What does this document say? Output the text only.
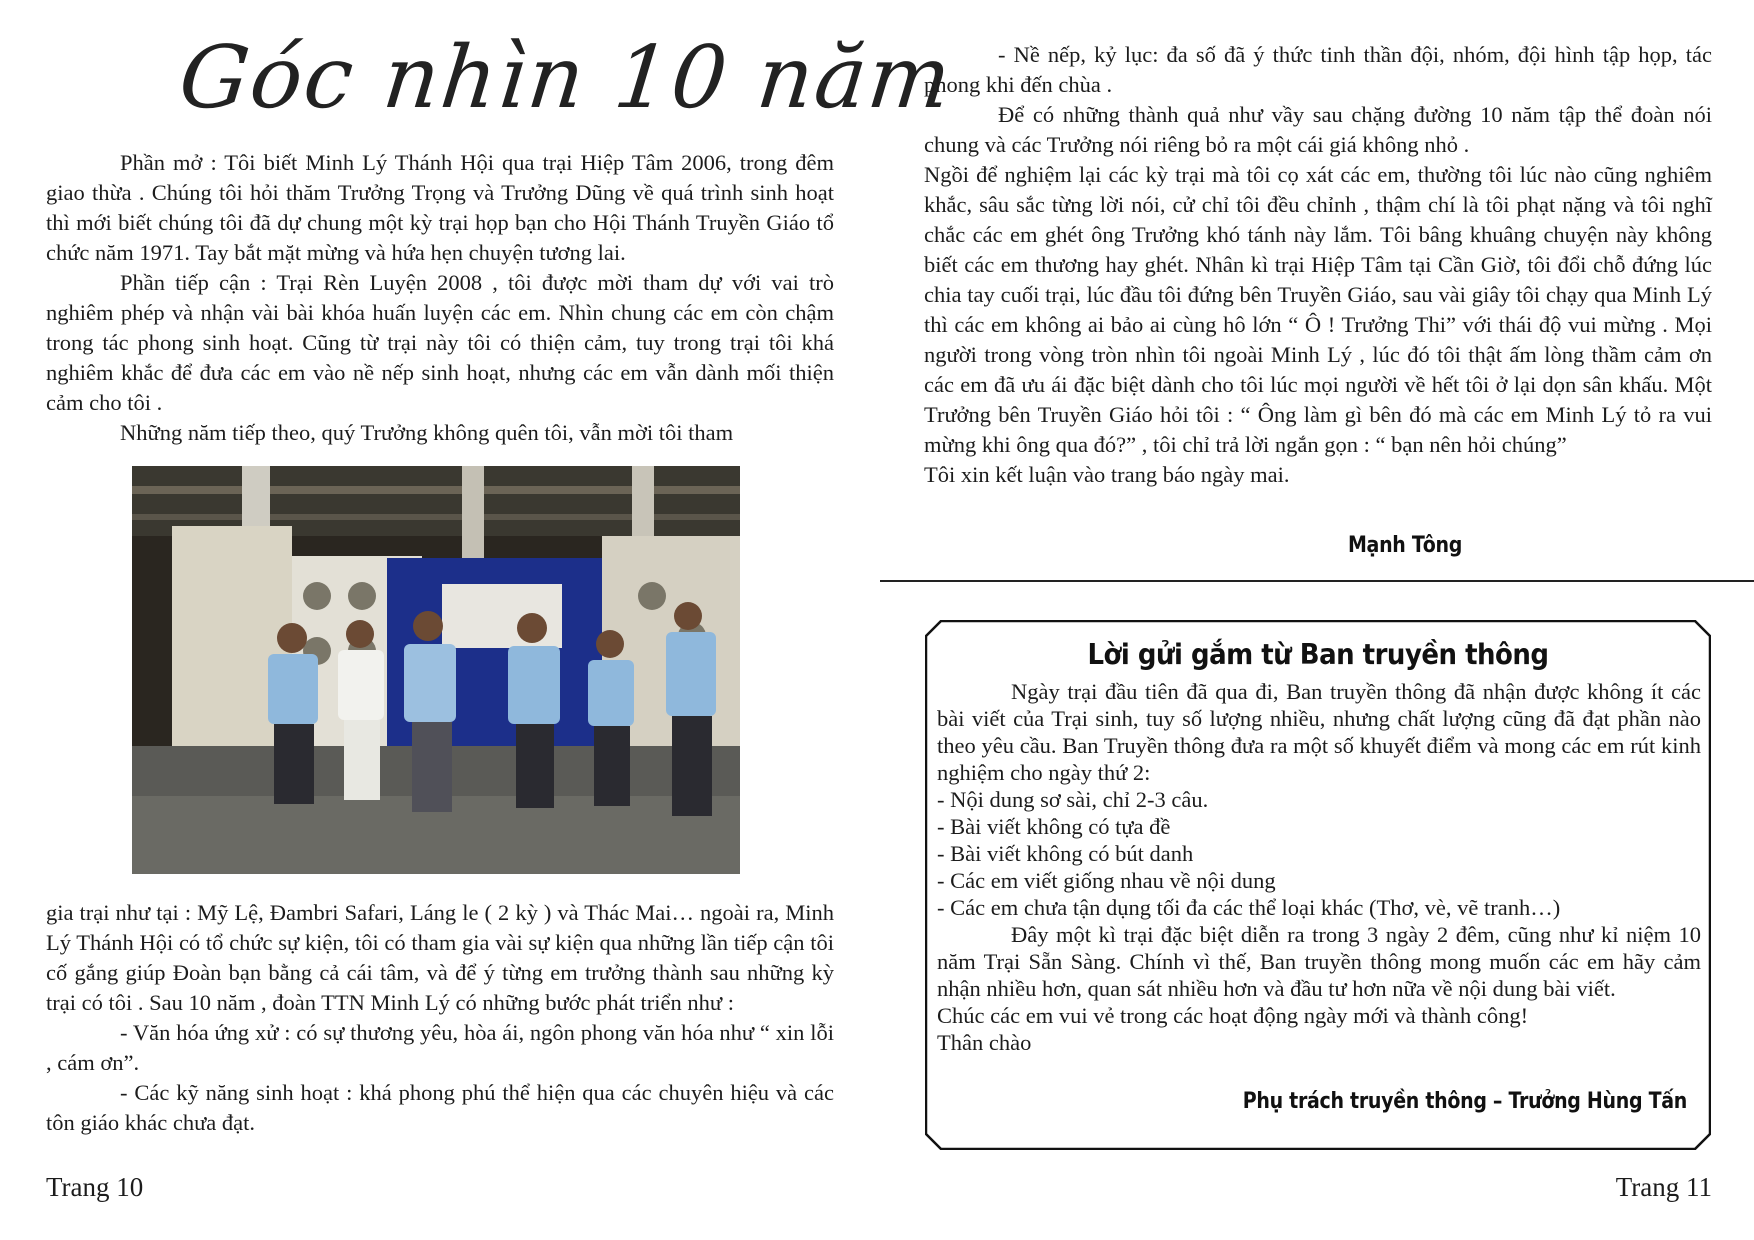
Góc nhìn 10 năm

Phần mở : Tôi biết Minh Lý Thánh Hội qua trại Hiệp Tâm 2006, trong đêm giao thừa . Chúng tôi hỏi thăm Trưởng Trọng và Trưởng Dũng về quá trình sinh hoạt thì mới biết chúng tôi đã dự chung một kỳ trại họp bạn cho Hội Thánh Truyền Giáo tổ chức năm 1971. Tay bắt mặt mừng và hứa hẹn chuyện tương lai.

Phần tiếp cận : Trại Rèn Luyện 2008 , tôi được mời tham dự với vai trò nghiêm phép và nhận vài bài khóa huấn luyện các em. Nhìn chung các em còn chậm trong tác phong sinh hoạt. Cũng từ trại này tôi có thiện cảm, tuy trong trại tôi khá nghiêm khắc để đưa các em vào nề nếp sinh hoạt, nhưng các em vẫn dành mối thiện cảm cho tôi .

Những năm tiếp theo, quý Trưởng không quên tôi, vẫn mời tôi tham

gia trại như tại : Mỹ Lệ, Đambri Safari, Láng le ( 2 kỳ ) và Thác Mai… ngoài ra, Minh Lý Thánh Hội có tổ chức sự kiện, tôi có tham gia vài sự kiện qua những lần tiếp cận tôi cố gắng giúp Đoàn bạn bằng cả cái tâm, và để ý từng em trưởng thành sau những kỳ trại có tôi . Sau 10 năm , đoàn TTN Minh Lý có những bước phát triển như :

- Văn hóa ứng xử : có sự thương yêu, hòa ái, ngôn phong văn hóa như “ xin lỗi , cám ơn”.

- Các kỹ năng sinh hoạt : khá phong phú thể hiện qua các chuyên hiệu và các tôn giáo khác chưa đạt.

Trang 10

- Nề nếp, kỷ lục: đa số đã ý thức tinh thần đội, nhóm, đội hình tập họp, tác phong khi đến chùa .

Để có những thành quả như vầy sau chặng đường 10 năm tập thể đoàn nói chung và các Trưởng nói riêng bỏ ra một cái giá không nhỏ .

Ngồi để nghiệm lại các kỳ trại mà tôi cọ xát các em, thường tôi lúc nào cũng nghiêm khắc, sâu sắc từng lời nói, cử chỉ tôi đều chỉnh , thậm chí là tôi phạt nặng và tôi nghĩ chắc các em ghét ông Trưởng khó tánh này lắm. Tôi bâng khuâng chuyện này không biết các em thương hay ghét. Nhân kì trại Hiệp Tâm tại Cần Giờ, tôi đổi chỗ đứng lúc chia tay cuối trại, lúc đầu tôi đứng bên Truyền Giáo, sau vài giây tôi chạy qua Minh Lý thì các em không ai bảo ai cùng hô lớn “ Ô ! Trưởng Thi” với thái độ vui mừng . Mọi người trong vòng tròn nhìn tôi ngoài Minh Lý , lúc đó tôi thật ấm lòng thầm cảm ơn các em đã ưu ái đặc biệt dành cho tôi lúc mọi người về hết tôi ở lại dọn sân khấu. Một Trưởng bên Truyền Giáo hỏi tôi : “ Ông làm gì bên đó mà các em Minh Lý tỏ ra vui mừng khi ông qua đó?” , tôi chỉ trả lời ngắn gọn : “ bạn nên hỏi chúng”

Tôi xin kết luận vào trang báo ngày mai.

Mạnh Tông
Lời gửi gắm từ Ban truyền thông

Ngày trại đầu tiên đã qua đi, Ban truyền thông đã nhận được không ít các bài viết của Trại sinh, tuy số lượng nhiều, nhưng chất lượng cũng đã đạt phần nào theo yêu cầu. Ban Truyền thông đưa ra một số khuyết điểm và mong các em rút kinh nghiệm cho ngày thứ 2:

- Nội dung sơ sài, chỉ 2-3 câu.

- Bài viết không có tựa đề

- Bài viết không có bút danh

- Các em viết giống nhau về nội dung

- Các em chưa tận dụng tối đa các thể loại khác (Thơ, vè, vẽ tranh…)

Đây một kì trại đặc biệt diễn ra trong 3 ngày 2 đêm, cũng như kỉ niệm 10 năm Trại Sẵn Sàng. Chính vì thế, Ban truyền thông mong muốn các em hãy cảm nhận nhiều hơn, quan sát nhiều hơn và đầu tư hơn nữa về nội dung bài viết.

Chúc các em vui vẻ trong các hoạt động ngày mới và thành công!

Thân chào

Phụ trách truyền thông – Trưởng Hùng Tấn
Trang 11
